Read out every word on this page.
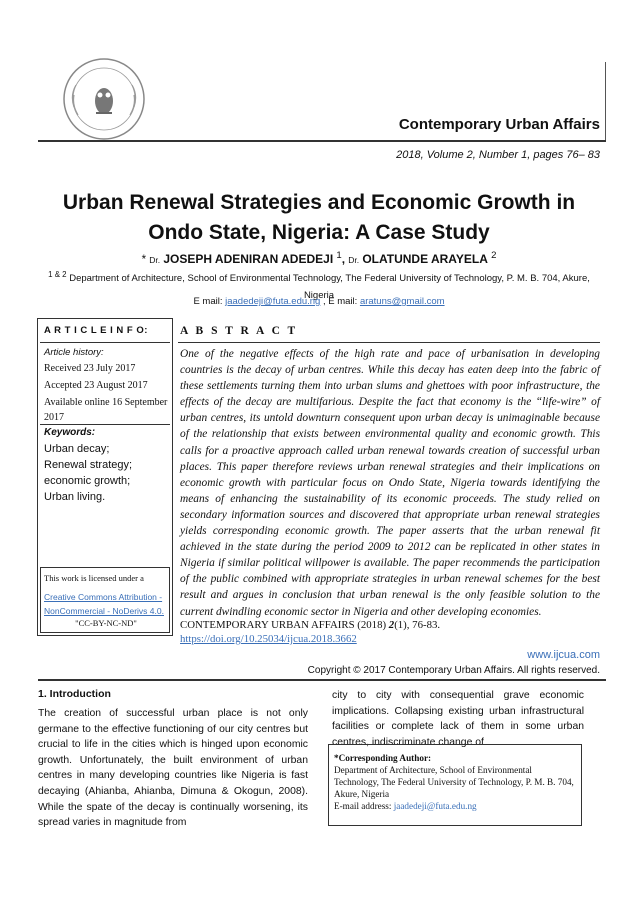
Contemporary Urban Affairs
2018, Volume 2, Number 1, pages 76– 83
Urban Renewal Strategies and Economic Growth in Ondo State, Nigeria: A Case Study
* Dr. JOSEPH ADENIRAN ADEDEJI $^1$, Dr. OLATUNDE ARAYELA $^2$
$^{1 \& 2}$ Department of Architecture, School of Environmental Technology, The Federal University of Technology, P. M. B. 704, Akure, Nigeria
E mail: jaadedeji@futa.edu.ng , E mail: aratuns@gmail.com
A R T I C L E I N F O:
Article history:
Received 23 July 2017
Accepted 23 August 2017
Available online 16 September 2017
Keywords:
Urban decay;
Renewal strategy;
economic growth;
Urban living.
This work is licensed under a
Creative Commons Attribution - NonCommercial - NoDerivs 4.0.
"CC-BY-NC-ND"
A B S T R A C T
One of the negative effects of the high rate and pace of urbanisation in developing countries is the decay of urban centres. While this decay has eaten deep into the fabric of these settlements turning them into urban slums and ghettoes with poor infrastructure, the effects of the decay are multifarious. Despite the fact that economy is the “life-wire” of urban centres, its untold downturn consequent upon urban decay is unimaginable because of the relationship that exists between environmental quality and economic growth. This calls for a proactive approach called urban renewal towards creation of successful urban places. This paper therefore reviews urban renewal strategies and their implications on economic growth with particular focus on Ondo State, Nigeria towards identifying the means of enhancing the sustainability of its economic proceeds. The study relied on secondary information sources and discovered that appropriate urban renewal strategies yields corresponding economic growth. The paper asserts that the urban renewal fit achieved in the state during the period 2009 to 2012 can be replicated in other states in Nigeria if similar political willpower is available. The paper recommends the participation of the public combined with appropriate strategies in urban renewal schemes for the best result and argues in conclusion that urban renewal is the only feasible solution to the current dwindling economic sector in Nigeria and other developing economies.
CONTEMPORARY URBAN AFFAIRS (2018) 2(1), 76-83.
https://doi.org/10.25034/ijcua.2018.3662
www.ijcua.com
Copyright © 2017 Contemporary Urban Affairs. All rights reserved.
1. Introduction
The creation of successful urban place is not only germane to the effective functioning of our city centres but crucial to life in the cities which is hinged upon economic growth. Unfortunately, the built environment of urban centres in many developing countries like Nigeria is fast decaying (Ahianba, Ahianba, Dimuna & Okogun, 2008). While the spate of the decay is continually worsening, its spread varies in magnitude from
city to city with consequential grave economic implications. Collapsing existing urban infrastructural facilities or complete lack of them in some urban centres, indiscriminate change of
*Corresponding Author:
Department of Architecture, School of Environmental Technology, The Federal University of Technology, P. M. B. 704, Akure, Nigeria
E-mail address: jaadedeji@futa.edu.ng
